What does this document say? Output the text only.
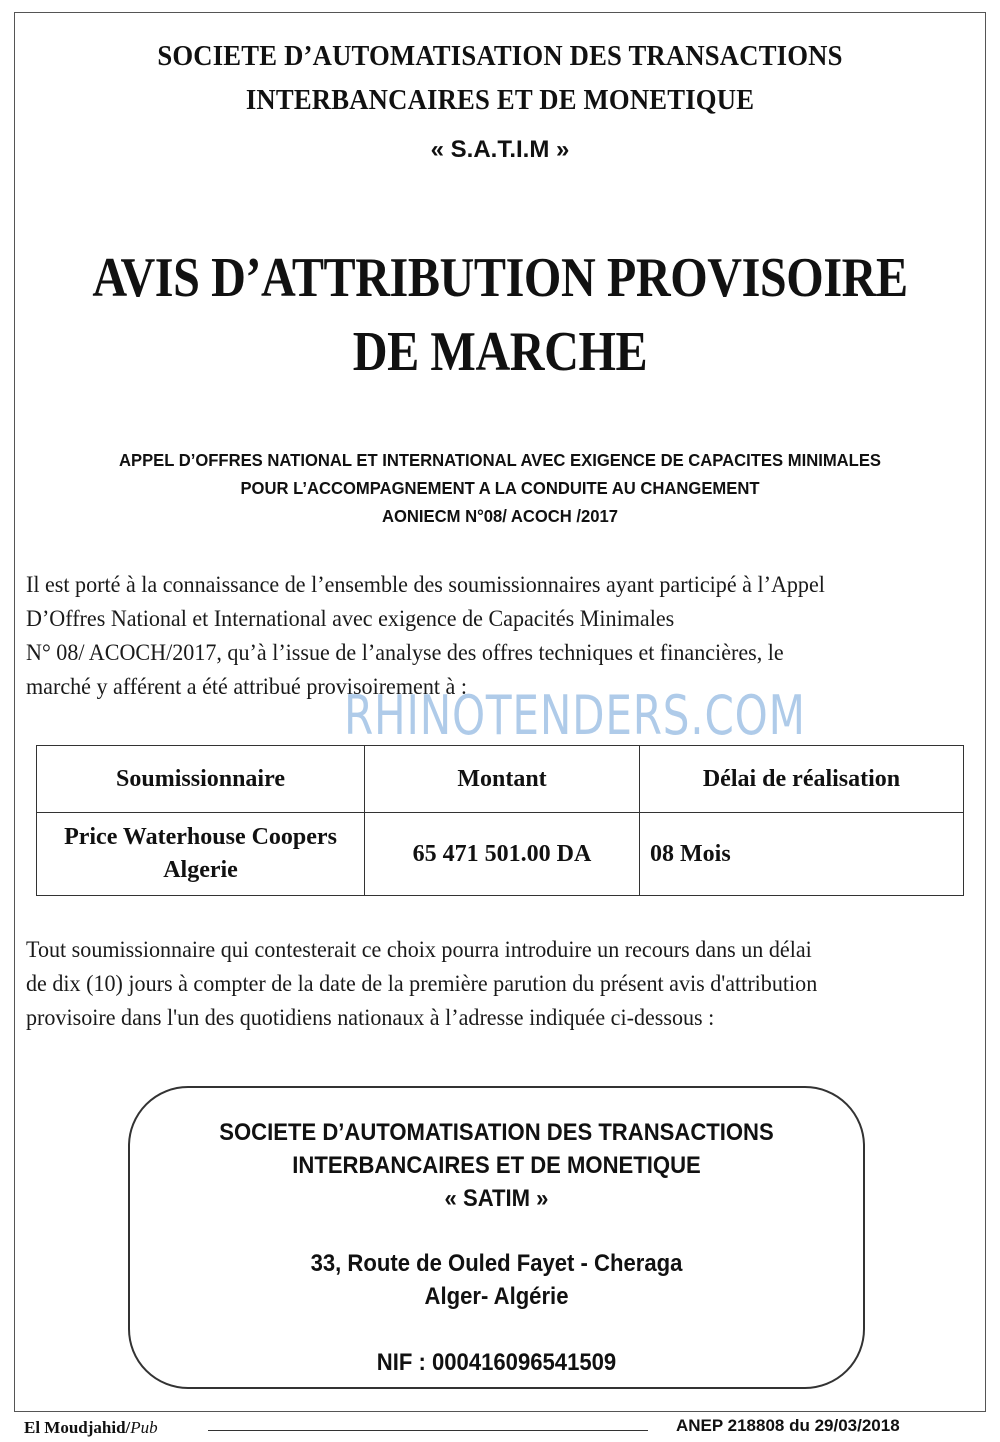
SOCIETE D’AUTOMATISATION DES TRANSACTIONS
INTERBANCAIRES ET DE MONETIQUE
« S.A.T.I.M »
AVIS D’ATTRIBUTION PROVISOIRE
DE MARCHE
APPEL D’OFFRES NATIONAL ET INTERNATIONAL AVEC EXIGENCE DE CAPACITES MINIMALES
POUR L’ACCOMPAGNEMENT A LA CONDUITE AU CHANGEMENT
AONIECM N°08/ ACOCH /2017
Il est porté à la connaissance de l’ensemble des soumissionnaires ayant participé à l’Appel
D’Offres National et International avec exigence de Capacités Minimales
N° 08/ ACOCH/2017, qu’à l’issue de l’analyse des offres techniques et financières, le
marché y afférent a été attribué provisoirement à :
RHINOTENDERS.COM
Soumissionnaire	Montant	Délai de réalisation
Price Waterhouse Coopers
Algerie	65 471 501.00 DA	08 Mois
Tout soumissionnaire qui contesterait ce choix pourra introduire un recours dans un délai
de dix (10) jours à compter de la date de la première parution du présent avis d'attribution
provisoire dans l'un des quotidiens nationaux à l’adresse indiquée ci-dessous :
SOCIETE D’AUTOMATISATION DES TRANSACTIONS
INTERBANCAIRES ET DE MONETIQUE
« SATIM »
33, Route de Ouled Fayet - Cheraga
Alger- Algérie
NIF : 000416096541509
El Moudjahid/Pub	ANEP 218808 du 29/03/2018
